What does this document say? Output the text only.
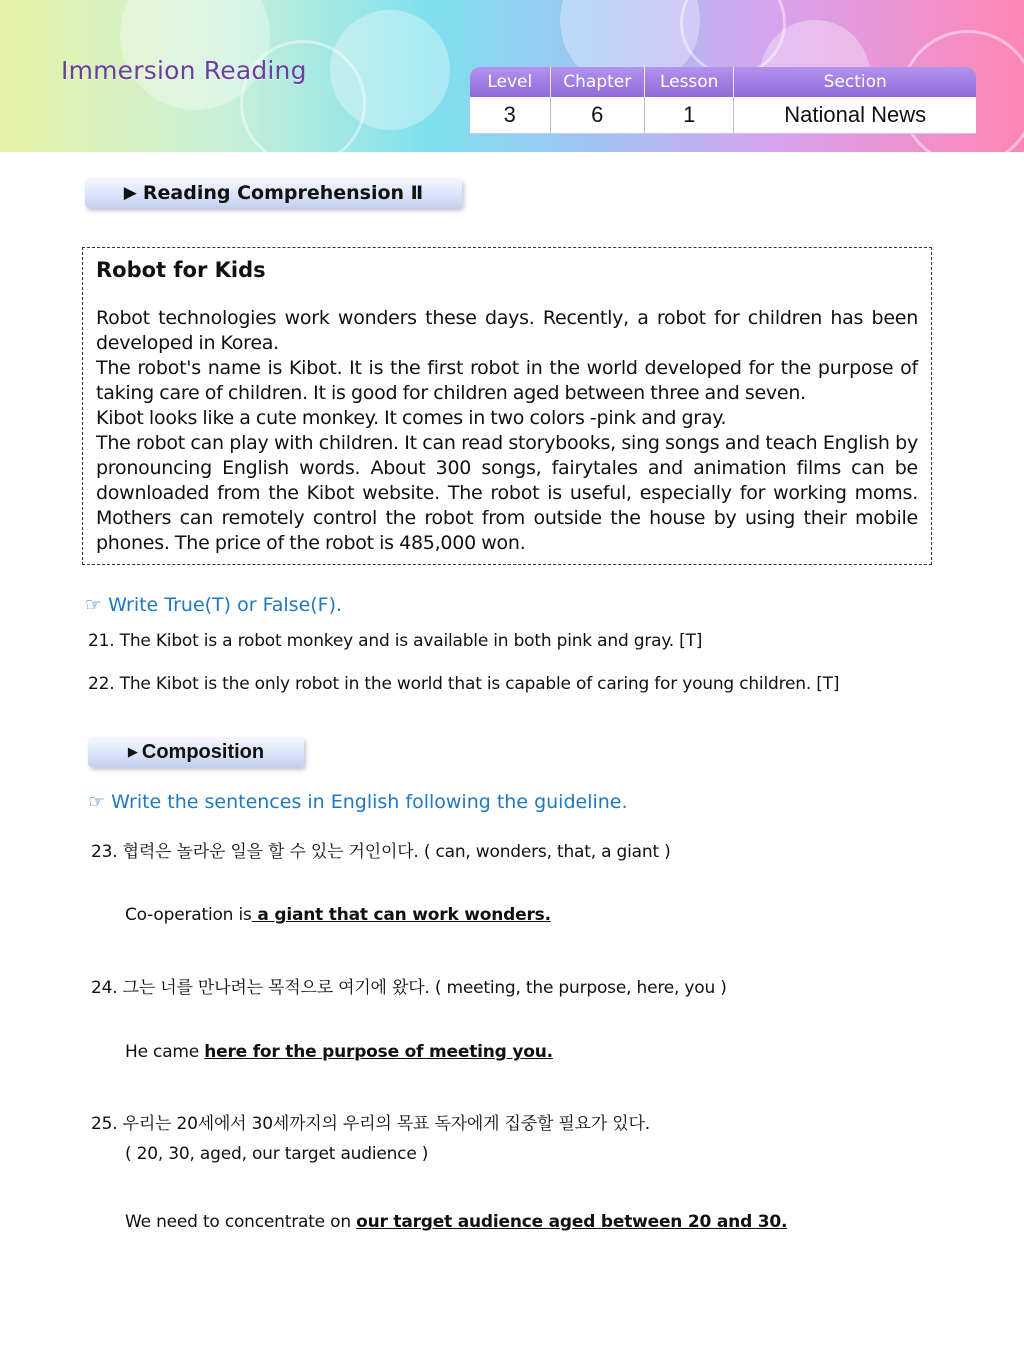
Immersion Reading	Level	Chapter	Lesson	Section
3	6	1	National News
▶ Reading Comprehension Ⅱ
Robot for Kids

Robot technologies work wonders these days. Recently, a robot for children has been developed in Korea.

The robot's name is Kibot. It is the first robot in the world developed for the purpose of taking care of children. It is good for children aged between three and seven.

Kibot looks like a cute monkey. It comes in two colors -pink and gray.

The robot can play with children. It can read storybooks, sing songs and teach English by pronouncing English words. About 300 songs, fairytales and animation films can be downloaded from the Kibot website. The robot is useful, especially for working moms. Mothers can remotely control the robot from outside the house by using their mobile phones. The price of the robot is 485,000 won.

☞ Write True(T) or False(F).
21. The Kibot is a robot monkey and is available in both pink and gray. [T]
22. The Kibot is the only robot in the world that is capable of caring for young children. [T]
▶ Composition
☞ Write the sentences in English following the guideline.
23. 협력은 놀라운 일을 할 수 있는 거인이다. ( can, wonders, that, a giant )
Co-operation is a giant that can work wonders.
24. 그는 너를 만나려는 목적으로 여기에 왔다. ( meeting, the purpose, here, you )
He came here for the purpose of meeting you.
25. 우리는 20세에서 30세까지의 우리의 목표 독자에게 집중할 필요가 있다.
( 20, 30, aged, our target audience )
We need to concentrate on our target audience aged between 20 and 30.
